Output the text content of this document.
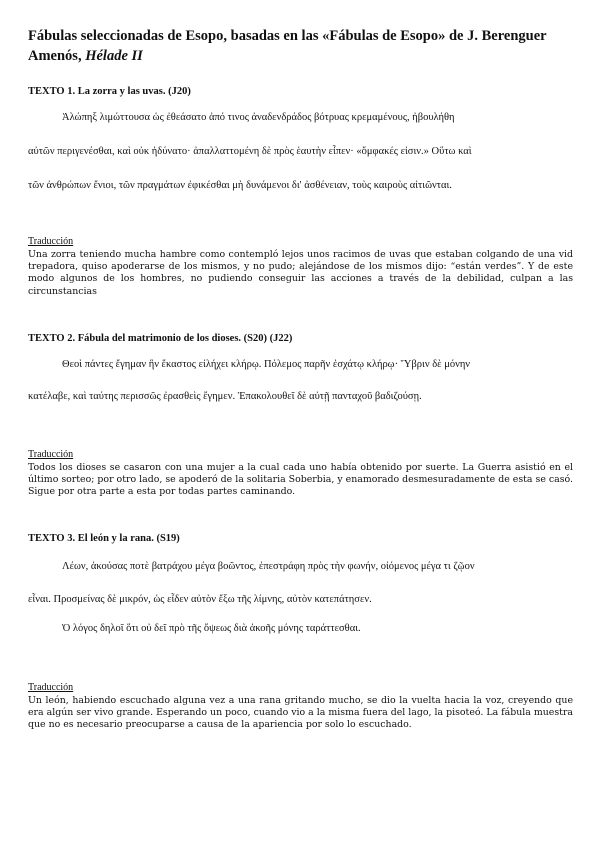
Fábulas seleccionadas de Esopo, basadas en las «Fábulas de Esopo» de J. Berenguer Amenós, Hélade II
TEXTO 1. La zorra y las uvas. (J20)
Ἀλώπηξ λιμώττουσα ὡς ἐθεάσατο ἀπό τινος ἀναδενδράδος βότρυας κρεμαμένους, ἠβουλήθη
αὐτῶν περιγενέσθαι, καὶ οὐκ ἠδύνατο· ἀπαλλαττομένη δὲ πρὸς ἑαυτὴν εἶπεν· «ὄμφακές εἰσιν.» Οὕτω καὶ
τῶν ἀνθρώπων ἔνιοι, τῶν πραγμάτων ἐφικέσθαι μὴ δυνάμενοι δι' ἀσθένειαν, τοὺς καιροὺς αἰτιῶνται.
Traducción
Una zorra teniendo mucha hambre como contempló lejos unos racimos de uvas que estaban colgando de una vid trepadora, quiso apoderarse de los mismos, y no pudo; alejándose de los mismos dijo: “están verdes”. Y de este modo algunos de los hombres, no pudiendo conseguir las acciones a través de la debilidad, culpan a las circunstancias
TEXTO 2. Fábula del matrimonio de los dioses. (S20) (J22)
Θεοὶ πάντες ἔγημαν ἣν ἕκαστος εἰλήχει κλήρῳ. Πόλεμος παρῆν ἐσχάτῳ κλήρῳ· Ὕβριν δὲ μόνην
κατέλαβε, καὶ ταύτης περισσῶς ἐρασθεὶς ἔγημεν. Ἐπακολουθεῖ δὲ αὐτῇ πανταχοῦ βαδιζούσῃ.
Traducción
Todos los dioses se casaron con una mujer a la cual cada uno había obtenido por suerte. La Guerra asistió en el último sorteo; por otro lado, se apoderó de la solitaria Soberbia, y enamorado desmesuradamente de esta se casó. Sigue por otra parte a esta por todas partes caminando.
TEXTO 3. El león y la rana. (S19)
Λέων, ἀκούσας ποτὲ βατράχου μέγα βοῶντος, ἐπεστράφη πρὸς τὴν φωνήν, οἰόμενος μέγα τι ζῷον
εἶναι. Προσμείνας δὲ μικρόν, ὡς εἶδεν αὐτὸν ἔξω τῆς λίμνης, αὐτὸν κατεπάτησεν.
Ὁ λόγος δηλοῖ ὅτι οὐ δεῖ πρὸ τῆς ὄψεως διὰ ἀκοῆς μόνης ταράττεσθαι.
Traducción
Un león, habiendo escuchado alguna vez a una rana gritando mucho, se dio la vuelta hacia la voz, creyendo que era algún ser vivo grande. Esperando un poco, cuando vio a la misma fuera del lago, la pisoteó. La fábula muestra que no es necesario preocuparse a causa de la apariencia por solo lo escuchado.
